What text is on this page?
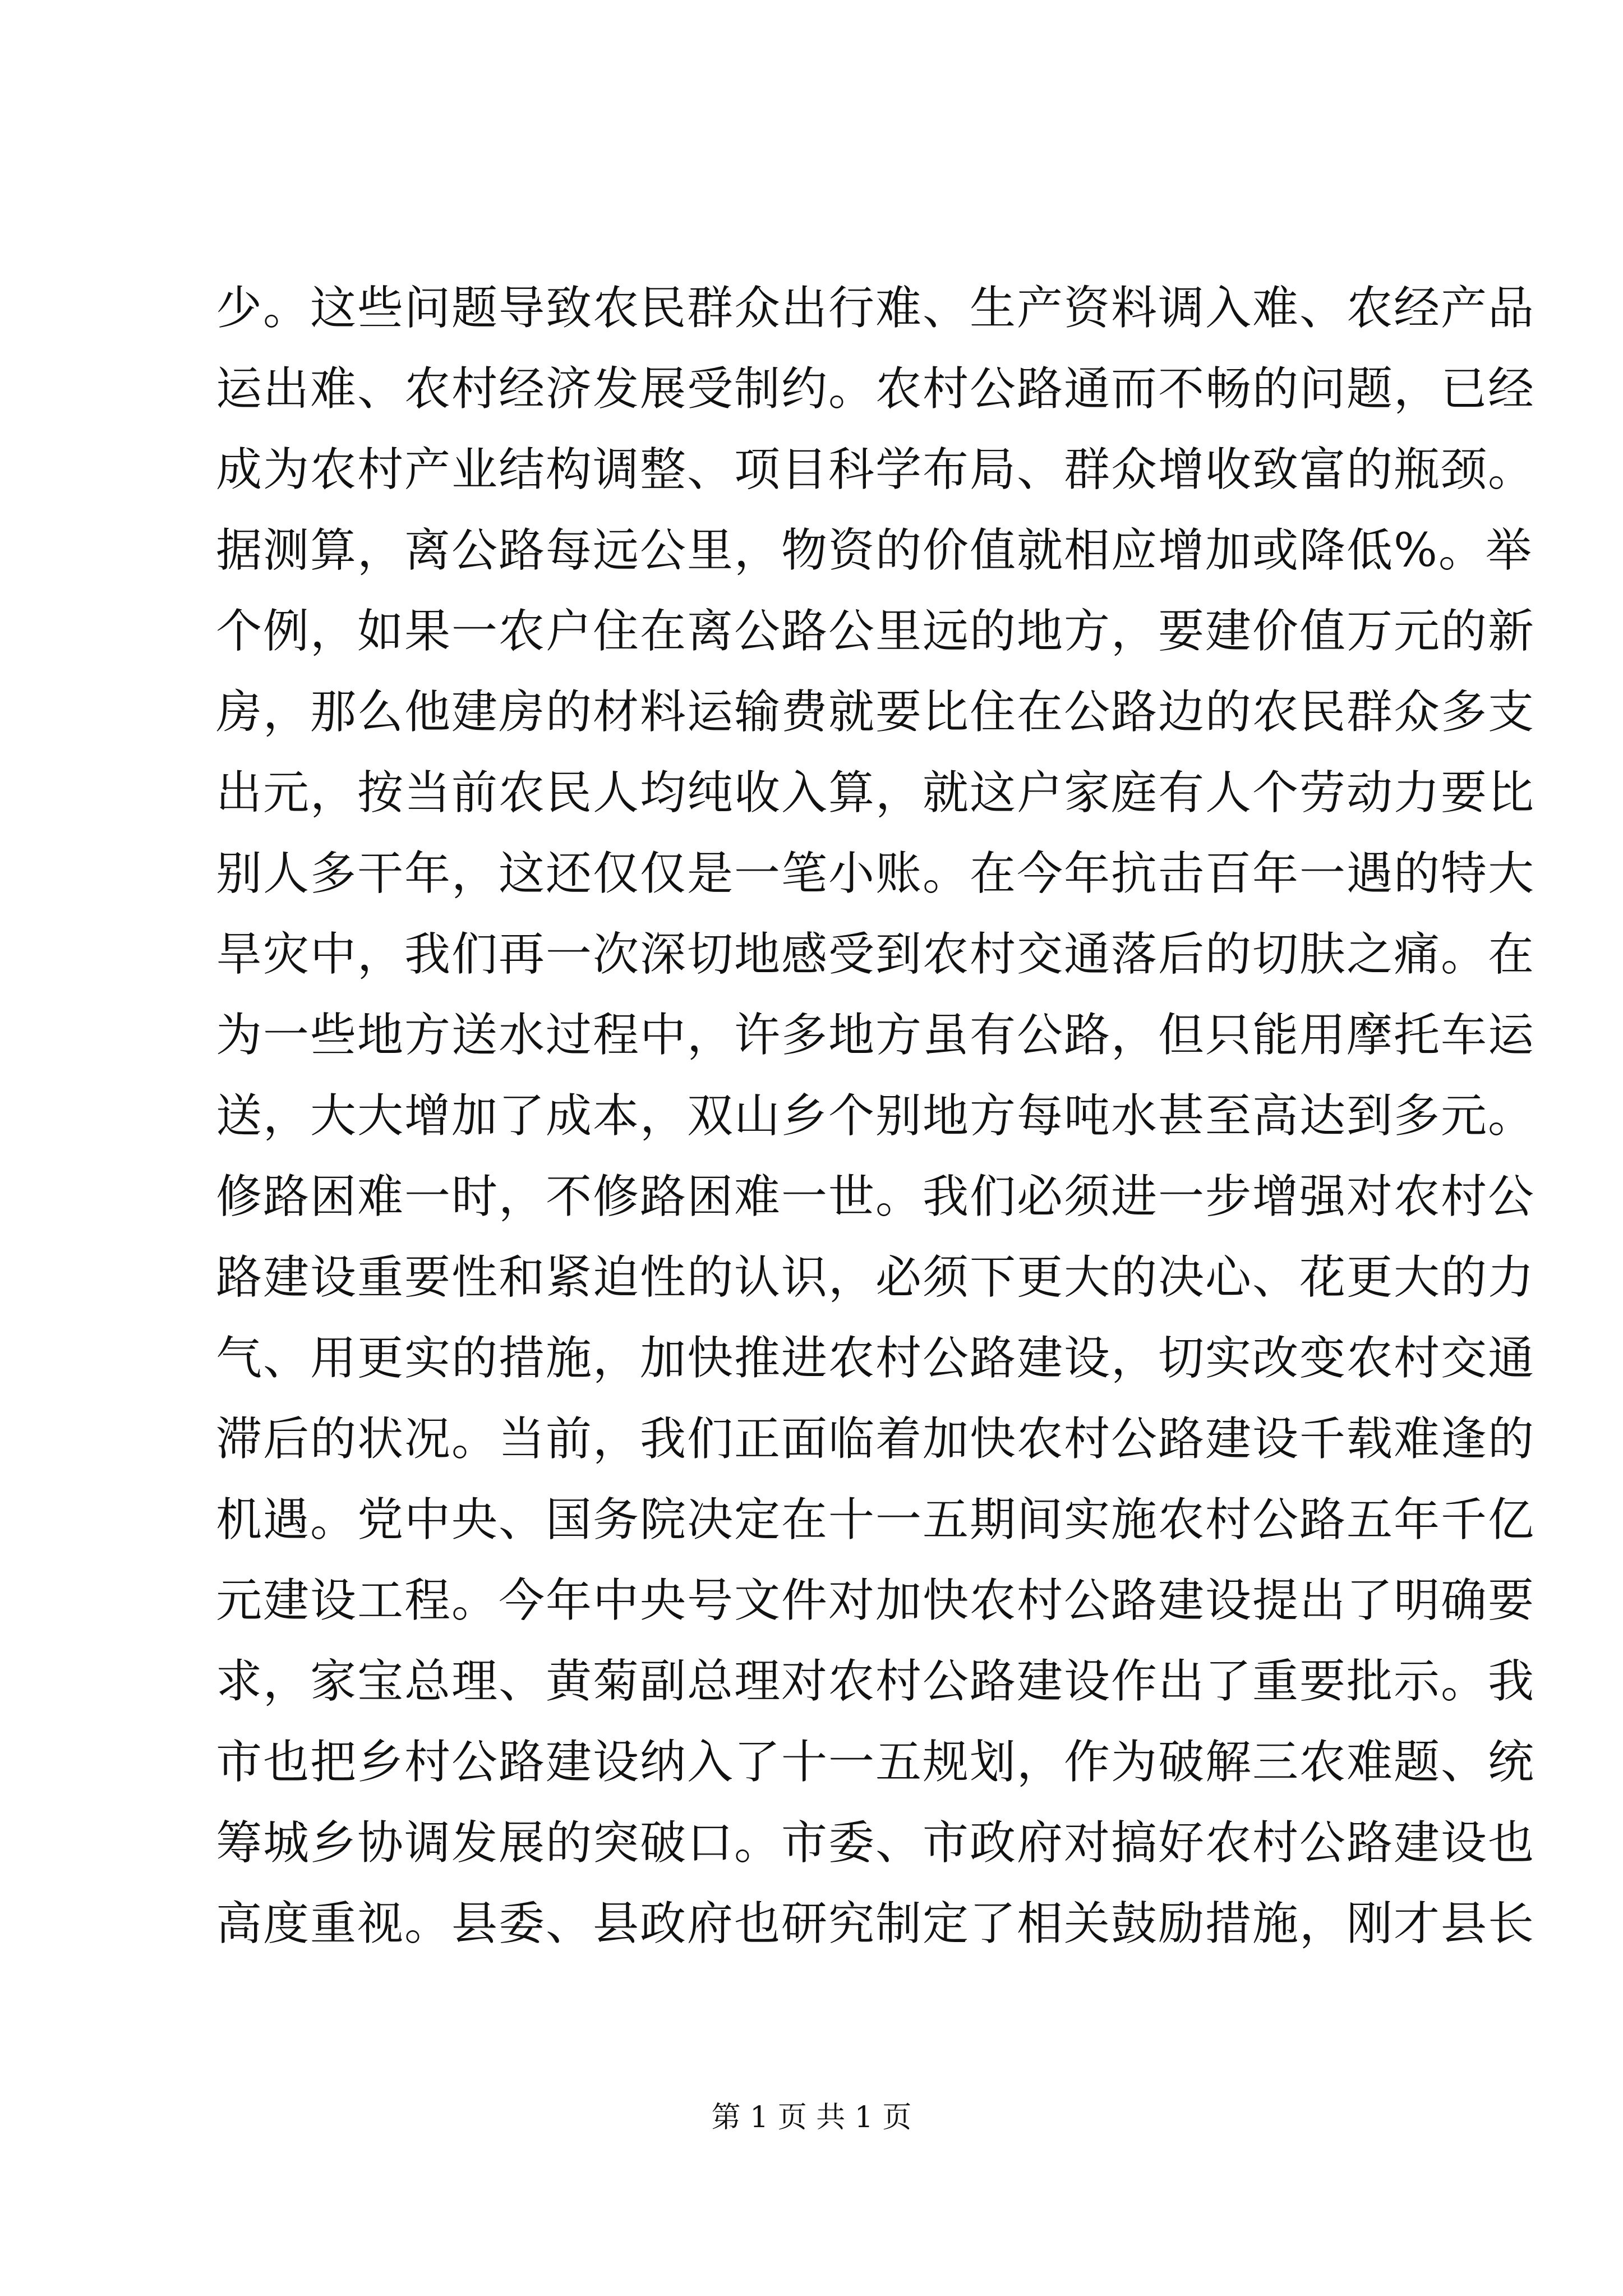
少。这些问题导致农民群众出行难、生产资料调入难、农经产品
运出难、农村经济发展受制约。农村公路通而不畅的问题，已经
成为农村产业结构调整、项目科学布局、群众增收致富的瓶颈。
据测算，离公路每远公里，物资的价值就相应增加或降低%。举
个例，如果一农户住在离公路公里远的地方，要建价值万元的新
房，那么他建房的材料运输费就要比住在公路边的农民群众多支
出元，按当前农民人均纯收入算，就这户家庭有人个劳动力要比
别人多干年，这还仅仅是一笔小账。在今年抗击百年一遇的特大
旱灾中，我们再一次深切地感受到农村交通落后的切肤之痛。在
为一些地方送水过程中，许多地方虽有公路，但只能用摩托车运
送，大大增加了成本，双山乡个别地方每吨水甚至高达到多元。
修路困难一时，不修路困难一世。我们必须进一步增强对农村公
路建设重要性和紧迫性的认识，必须下更大的决心、花更大的力
气、用更实的措施，加快推进农村公路建设，切实改变农村交通
滞后的状况。当前，我们正面临着加快农村公路建设千载难逢的
机遇。党中央、国务院决定在十一五期间实施农村公路五年千亿
元建设工程。今年中央号文件对加快农村公路建设提出了明确要
求，家宝总理、黄菊副总理对农村公路建设作出了重要批示。我
市也把乡村公路建设纳入了十一五规划，作为破解三农难题、统
筹城乡协调发展的突破口。市委、市政府对搞好农村公路建设也
高度重视。县委、县政府也研究制定了相关鼓励措施，刚才县长
第 1 页 共 1 页
